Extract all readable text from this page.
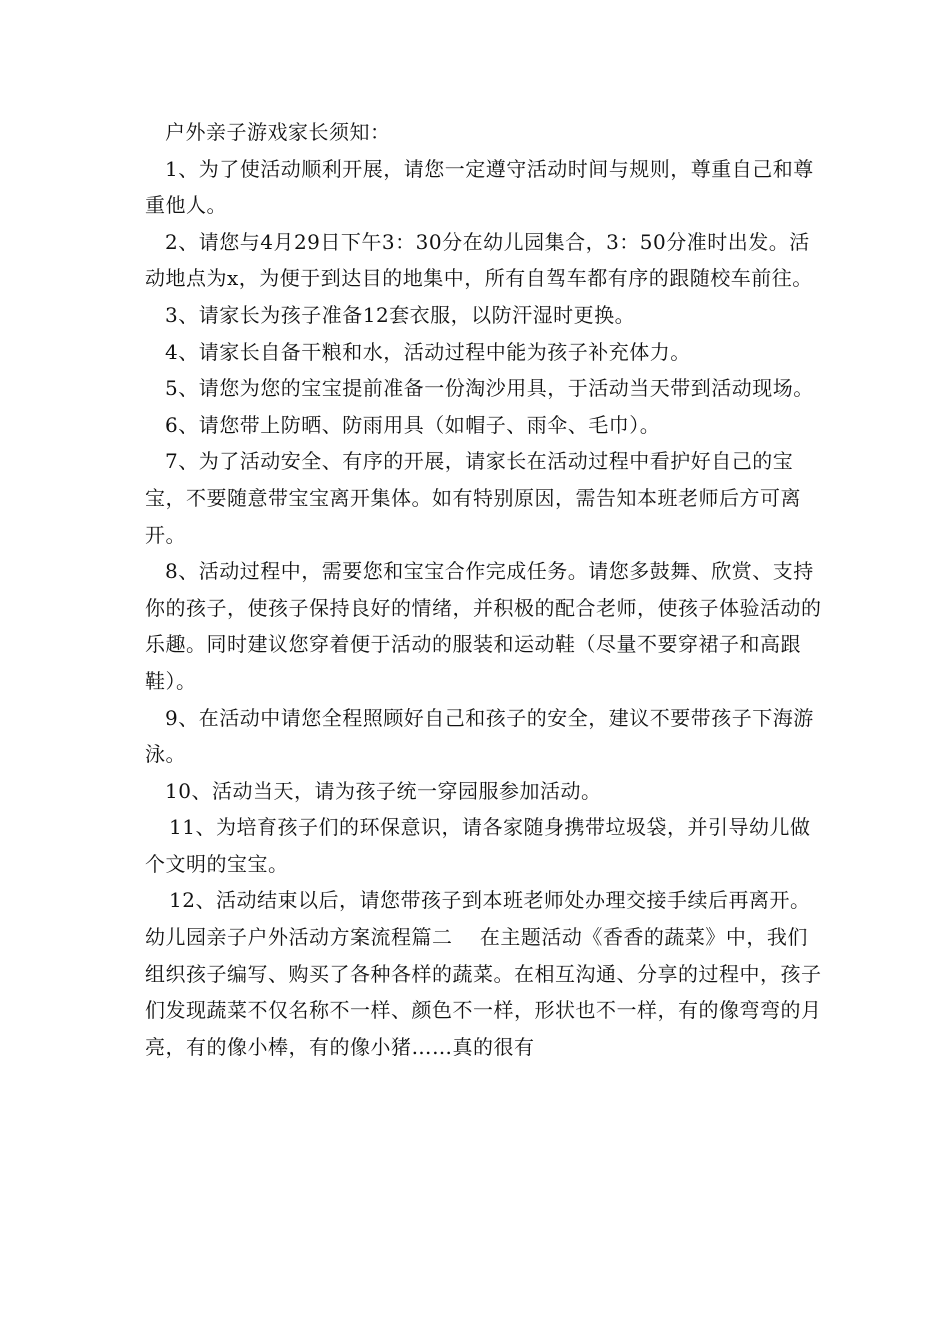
户外亲子游戏家长须知：

1、为了使活动顺利开展，请您一定遵守活动时间与规则，尊重自己和尊重他人。

2、请您与4月29日下午3：30分在幼儿园集合，3：50分准时出发。活动地点为x，为便于到达目的地集中，所有自驾车都有序的跟随校车前往。

3、请家长为孩子准备12套衣服，以防汗湿时更换。

4、请家长自备干粮和水，活动过程中能为孩子补充体力。

5、请您为您的宝宝提前准备一份淘沙用具，于活动当天带到活动现场。

6、请您带上防晒、防雨用具（如帽子、雨伞、毛巾）。

7、为了活动安全、有序的开展，请家长在活动过程中看护好自己的宝宝，不要随意带宝宝离开集体。如有特别原因，需告知本班老师后方可离开。

8、活动过程中，需要您和宝宝合作完成任务。请您多鼓舞、欣赏、支持你的孩子，使孩子保持良好的情绪，并积极的配合老师，使孩子体验活动的乐趣。同时建议您穿着便于活动的服装和运动鞋（尽量不要穿裙子和高跟鞋）。

9、在活动中请您全程照顾好自己和孩子的安全，建议不要带孩子下海游泳。

10、活动当天，请为孩子统一穿园服参加活动。

11、为培育孩子们的环保意识，请各家随身携带垃圾袋，并引导幼儿做个文明的宝宝。

12、活动结束以后，请您带孩子到本班老师处办理交接手续后再离开。

幼儿园亲子户外活动方案流程篇二　 在主题活动《香香的蔬菜》中，我们组织孩子编写、购买了各种各样的蔬菜。在相互沟通、分享的过程中，孩子们发现蔬菜不仅名称不一样、颜色不一样，形状也不一样，有的像弯弯的月亮，有的像小棒，有的像小猪……真的很有
